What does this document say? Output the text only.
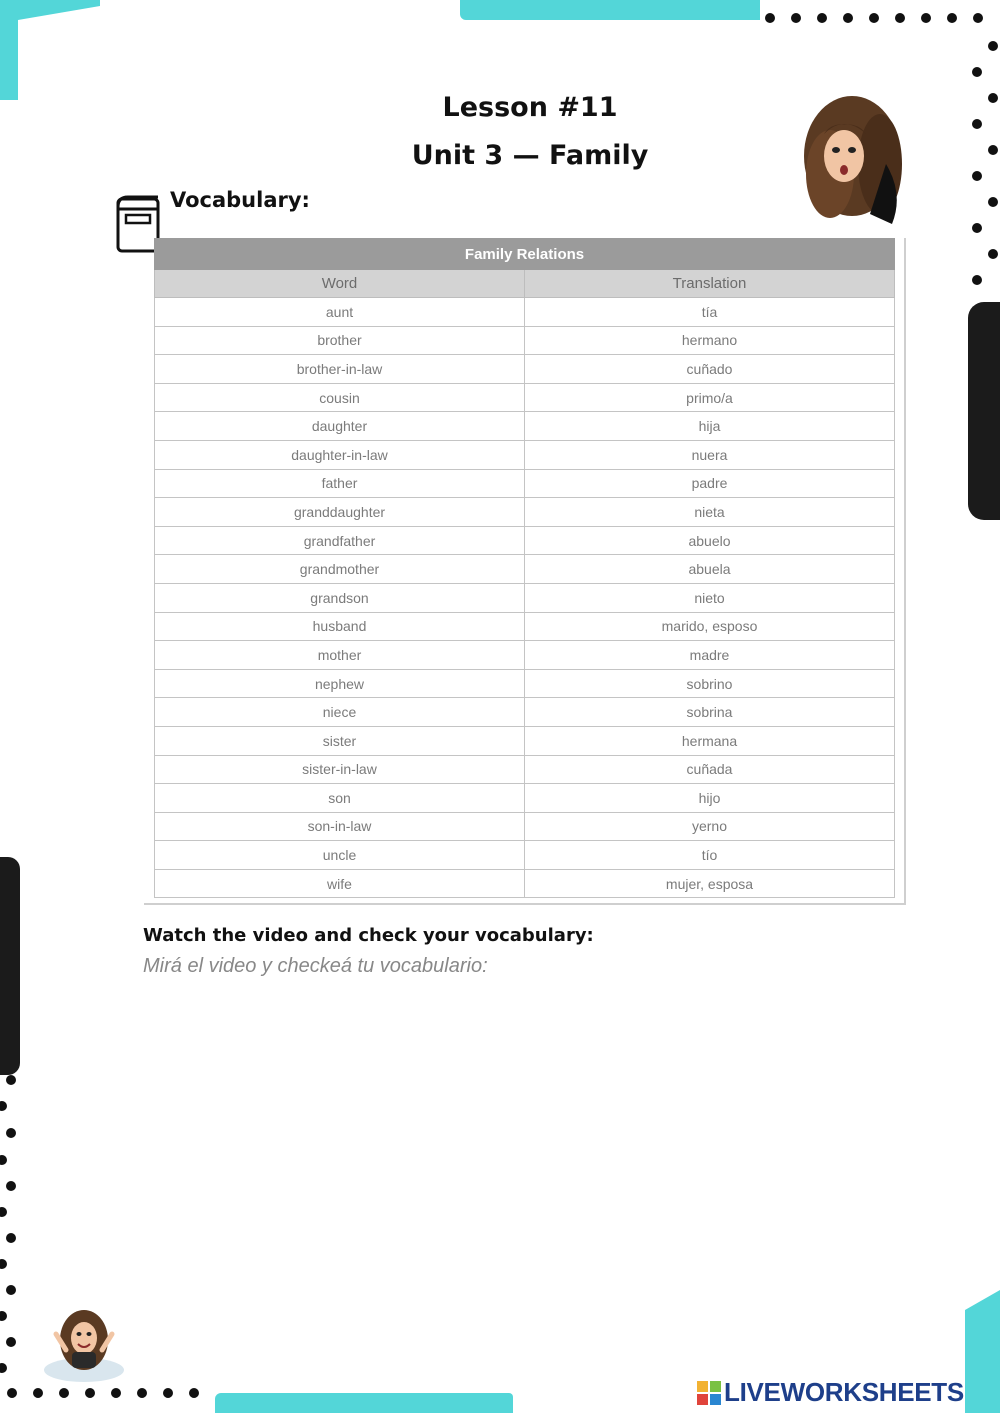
Lesson #11
Unit 3 — Family
Vocabulary:
Family Relations	
Word	Translation
aunt	tía
brother	hermano
brother-in-law	cuñado
cousin	primo/a
daughter	hija
daughter-in-law	nuera
father	padre
granddaughter	nieta
grandfather	abuelo
grandmother	abuela
grandson	nieto
husband	marido, esposo
mother	madre
nephew	sobrino
niece	sobrina
sister	hermana
sister-in-law	cuñada
son	hijo
son-in-law	yerno
uncle	tío
wife	mujer, esposa
Watch the video and check your vocabulary:
Mirá el video y checkeá tu vocabulario:
LIVEWORKSHEETS
